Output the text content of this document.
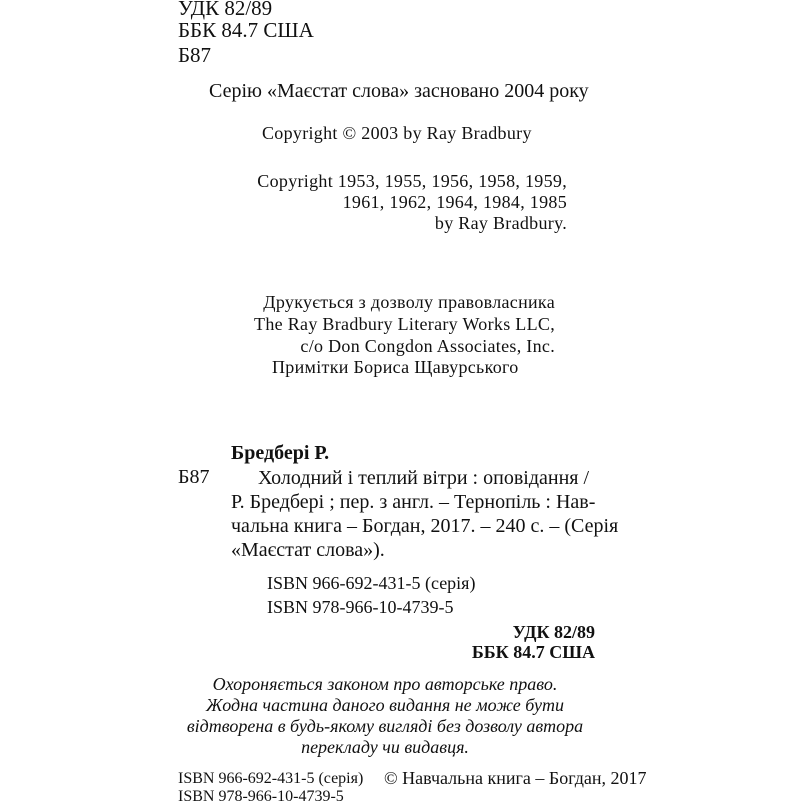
УДК 82/89
ББК 84.7 США
Б87
Серію «Маєстат слова» засновано 2004 року
Copyright © 2003 by Ray Bradbury
Copyright 1953, 1955, 1956, 1958, 1959,
1961, 1962, 1964, 1984, 1985
by Ray Bradbury.
Друкується з дозволу правовласника
The Ray Bradbury Literary Works LLC,
c/o Don Congdon Associates, Inc.
Примітки Бориса Щавурського
Бредбері Р.
Б87	Холодний і теплий вітри : оповідання /
Р. Бредбері ; пер. з англ. – Тернопіль : Нав-
чальна книга – Богдан, 2017. – 240 с. – (Серія
«Маєстат слова»).
ISBN 966-692-431-5 (серія)
ISBN 978-966-10-4739-5
УДК 82/89
ББК 84.7 США
Охороняється законом про авторське право.
Жодна частина даного видання не може бути
відтворена в будь-якому вигляді без дозволу автора
перекладу чи видавця.
ISBN 966-692-431-5 (серія)
ISBN 978-966-10-4739-5
© Навчальна книга – Богдан, 2017
